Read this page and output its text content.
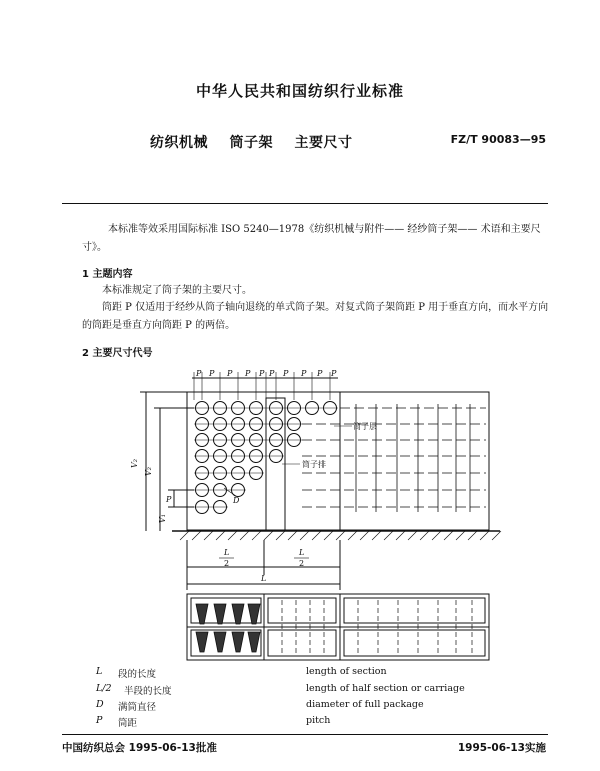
中华人民共和国纺织行业标准
纺织机械    筒子架    主要尺寸	FZ/T 90083—95
本标准等效采用国际标准 ISO 5240—1978《纺织机械与附件—— 经纱筒子架—— 术语和主要尺寸》。
1 主题内容
本标准规定了筒子架的主要尺寸。
筒距 P 仅适用于经纱从筒子轴向退绕的单式筒子架。对复式筒子架筒距 P 用于垂直方向，而水平方向的筒距是垂直方向筒距 P 的两倍。
2 主要尺寸代号
P P P P P P P P P P
D
P
筒子层
筒子排
V₂
V₂
V₁
L
2
L
2
L
L 段的长度	length of section
L/2 半段的长度	length of half section or carriage
D 满筒直径	diameter of full package
P 筒距	pitch
中国纺织总会 1995-06-13批准	1995-06-13实施
